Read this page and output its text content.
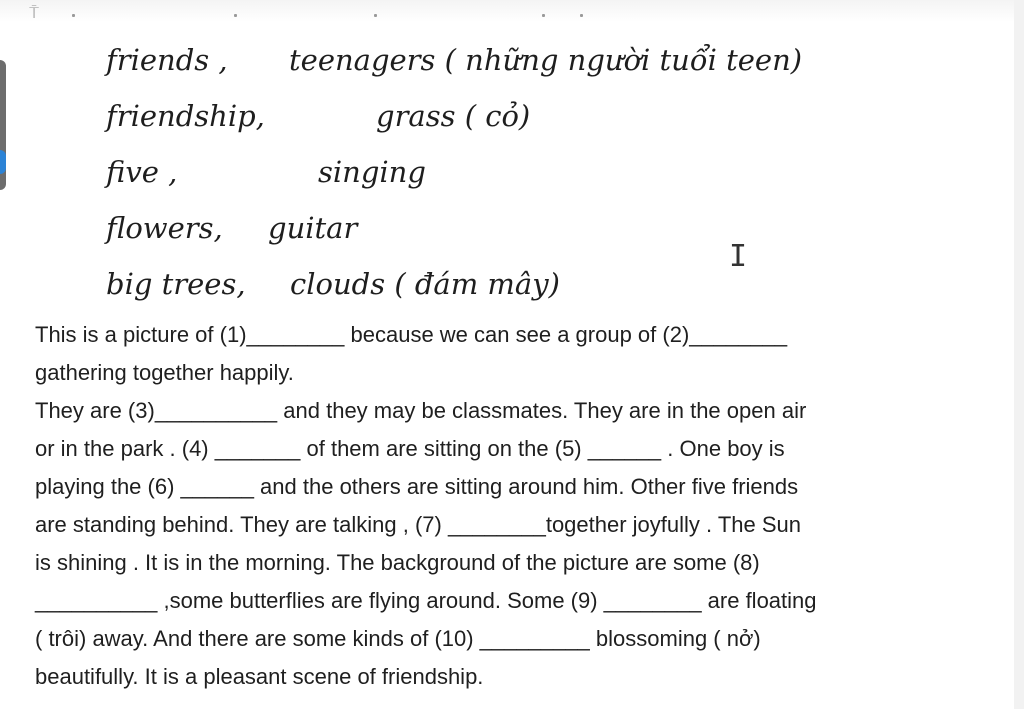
⍑
friends , teenagers ( những người tuổi teen)
friendship,	grass ( cỏ)
five ,	singing
flowers, guitar
big trees, clouds ( đám mây)
I
This is a picture of (1)________ because we can see a group of (2)________
gathering together happily.
They are (3)__________ and they may be classmates. They are in the open air
or in the park . (4) _______ of them are sitting on the (5) ______ . One boy is
playing the (6) ______ and the others are sitting around him. Other five friends
are standing behind. They are talking , (7) ________together joyfully . The Sun
is shining . It is in the morning. The background of the picture are some (8)
__________ ,some butterflies are flying around. Some (9) ________ are floating
( trôi) away. And there are some kinds of (10) _________ blossoming ( nở)
beautifully. It is a pleasant scene of friendship.
